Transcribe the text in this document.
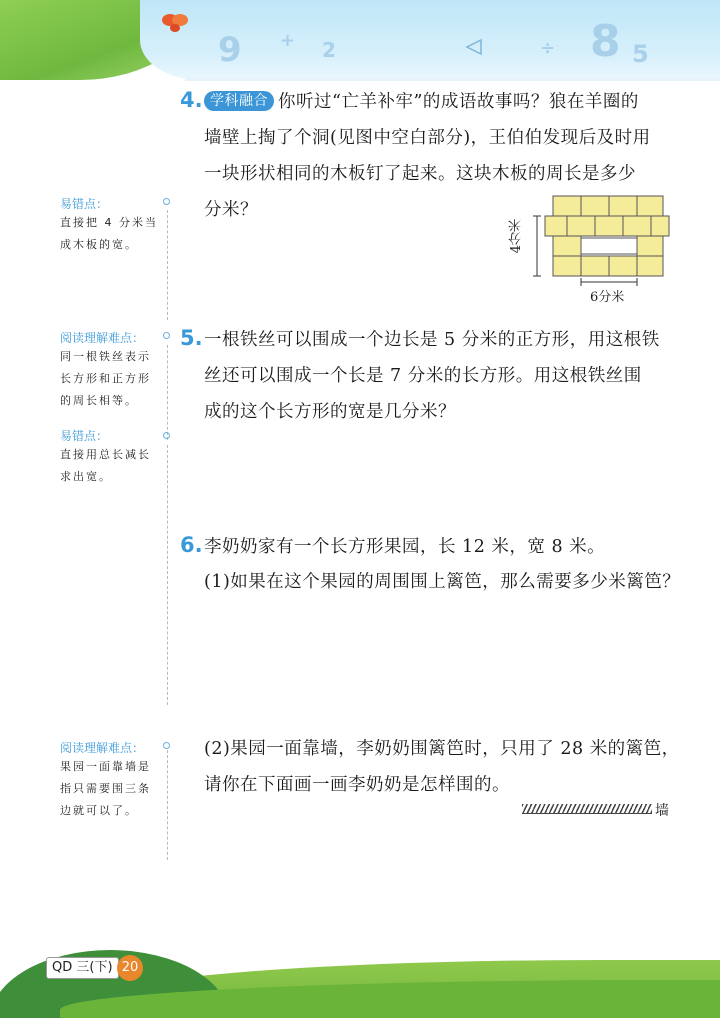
9	2	8 5
+	÷
易错点：
直接把 4 分米当
成木板的宽。
阅读理解难点：
同一根铁丝表示
长方形和正方形
的周长相等。
易错点：
直接用总长减长
求出宽。
阅读理解难点：
果园一面靠墙是
指只需要围三条
边就可以了。
4. 学科融合 你听过“亡羊补牢”的成语故事吗？狼在羊圈的
墙壁上掏了个洞(见图中空白部分)，王伯伯发现后及时用
一块形状相同的木板钉了起来。这块木板的周长是多少
分米？
4分米
6分米
5. 一根铁丝可以围成一个边长是 5 分米的正方形，用这根铁
丝还可以围成一个长是 7 分米的长方形。用这根铁丝围
成的这个长方形的宽是几分米？
6. 李奶奶家有一个长方形果园，长 12 米，宽 8 米。
(1)如果在这个果园的周围围上篱笆，那么需要多少米篱笆？
(2)果园一面靠墙，李奶奶围篱笆时，只用了 28 米的篱笆，
请你在下面画一画李奶奶是怎样围的。
墙
QD 三(下) 20
